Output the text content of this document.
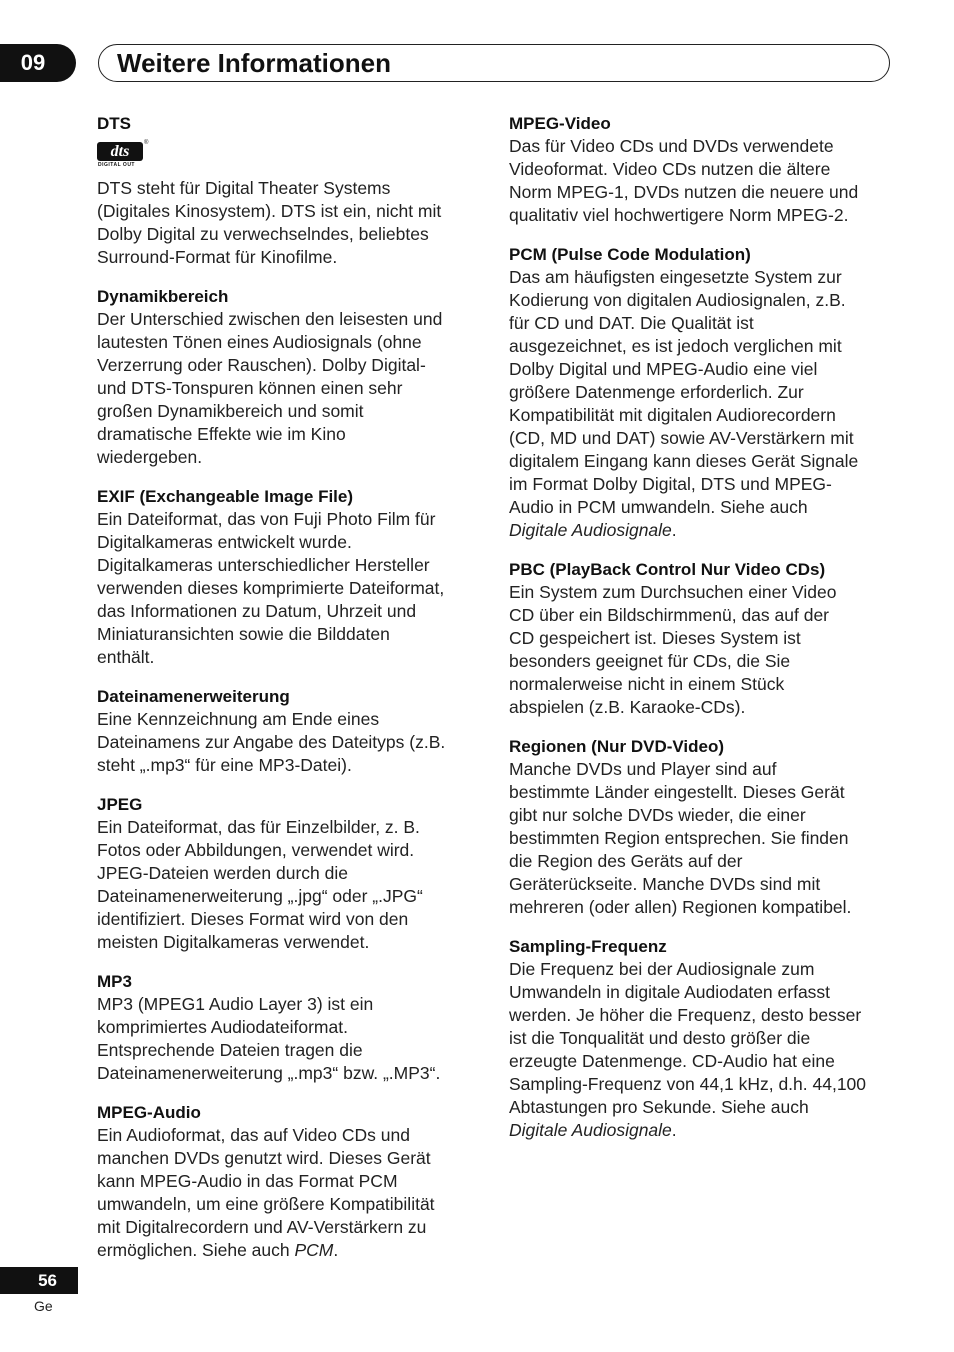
09	Weitere Informationen
DTS
dts
DIGITAL OUT
®
DTS steht für Digital Theater Systems
(Digitales Kinosystem). DTS ist ein, nicht mit
Dolby Digital zu verwechselndes, beliebtes
Surround-Format für Kinofilme.
Dynamikbereich
Der Unterschied zwischen den leisesten und
lautesten Tönen eines Audiosignals (ohne
Verzerrung oder Rauschen). Dolby Digital-
und DTS-Tonspuren können einen sehr
großen Dynamikbereich und somit
dramatische Effekte wie im Kino
wiedergeben.
EXIF (Exchangeable Image File)
Ein Dateiformat, das von Fuji Photo Film für
Digitalkameras entwickelt wurde.
Digitalkameras unterschiedlicher Hersteller
verwenden dieses komprimierte Dateiformat,
das Informationen zu Datum, Uhrzeit und
Miniaturansichten sowie die Bilddaten
enthält.
Dateinamenerweiterung
Eine Kennzeichnung am Ende eines
Dateinamens zur Angabe des Dateityps (z.B.
steht „.mp3“ für eine MP3-Datei).
JPEG
Ein Dateiformat, das für Einzelbilder, z. B.
Fotos oder Abbildungen, verwendet wird.
JPEG-Dateien werden durch die
Dateinamenerweiterung „.jpg“ oder „.JPG“
identifiziert. Dieses Format wird von den
meisten Digitalkameras verwendet.
MP3
MP3 (MPEG1 Audio Layer 3) ist ein
komprimiertes Audiodateiformat.
Entsprechende Dateien tragen die
Dateinamenerweiterung „.mp3“ bzw. „.MP3“.
MPEG-Audio
Ein Audioformat, das auf Video CDs und
manchen DVDs genutzt wird. Dieses Gerät
kann MPEG-Audio in das Format PCM
umwandeln, um eine größere Kompatibilität
mit Digitalrecordern und AV-Verstärkern zu
ermöglichen. Siehe auch PCM.
MPEG-Video
Das für Video CDs und DVDs verwendete
Videoformat. Video CDs nutzen die ältere
Norm MPEG-1, DVDs nutzen die neuere und
qualitativ viel hochwertigere Norm MPEG-2.
PCM (Pulse Code Modulation)
Das am häufigsten eingesetzte System zur
Kodierung von digitalen Audiosignalen, z.B.
für CD und DAT. Die Qualität ist
ausgezeichnet, es ist jedoch verglichen mit
Dolby Digital und MPEG-Audio eine viel
größere Datenmenge erforderlich. Zur
Kompatibilität mit digitalen Audiorecordern
(CD, MD und DAT) sowie AV-Verstärkern mit
digitalem Eingang kann dieses Gerät Signale
im Format Dolby Digital, DTS und MPEG-
Audio in PCM umwandeln. Siehe auch
Digitale Audiosignale.
PBC (PlayBack Control Nur Video CDs)
Ein System zum Durchsuchen einer Video
CD über ein Bildschirmmenü, das auf der
CD gespeichert ist. Dieses System ist
besonders geeignet für CDs, die Sie
normalerweise nicht in einem Stück
abspielen (z.B. Karaoke-CDs).
Regionen (Nur DVD-Video)
Manche DVDs und Player sind auf
bestimmte Länder eingestellt. Dieses Gerät
gibt nur solche DVDs wieder, die einer
bestimmten Region entsprechen. Sie finden
die Region des Geräts auf der
Geräterückseite. Manche DVDs sind mit
mehreren (oder allen) Regionen kompatibel.
Sampling-Frequenz
Die Frequenz bei der Audiosignale zum
Umwandeln in digitale Audiodaten erfasst
werden. Je höher die Frequenz, desto besser
ist die Tonqualität und desto größer die
erzeugte Datenmenge. CD-Audio hat eine
Sampling-Frequenz von 44,1 kHz, d.h. 44,100
Abtastungen pro Sekunde. Siehe auch
Digitale Audiosignale.
56
Ge
